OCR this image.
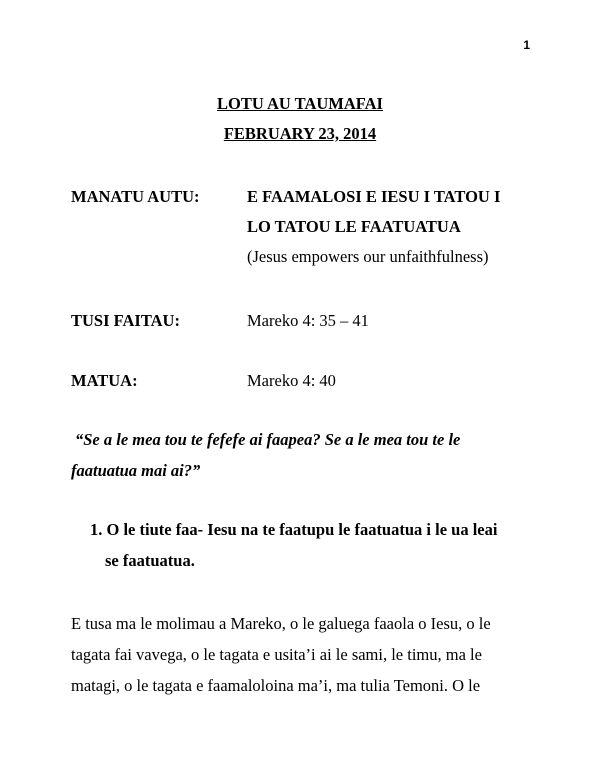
1
LOTU AU TAUMAFAI
FEBRUARY 23, 2014
MANATU AUTU:	E FAAMALOSI E IESU I TATOU I
LO TATOU LE FAATUATUA
(Jesus empowers our unfaithfulness)
TUSI FAITAU:	Mareko 4: 35 – 41
MATUA:	Mareko 4: 40
“Se a le mea tou te fefefe ai faapea? Se a le mea tou te le
faatuatua mai ai?”
1. O le tiute faa- Iesu na te faatupu le faatuatua i le ua leai
se faatuatua.
E tusa ma le molimau a Mareko, o le galuega faaola o Iesu, o le
tagata fai vavega, o le tagata e usita’i ai le sami, le timu, ma le
matagi, o le tagata e faamaloloina ma’i, ma tulia Temoni. O le
